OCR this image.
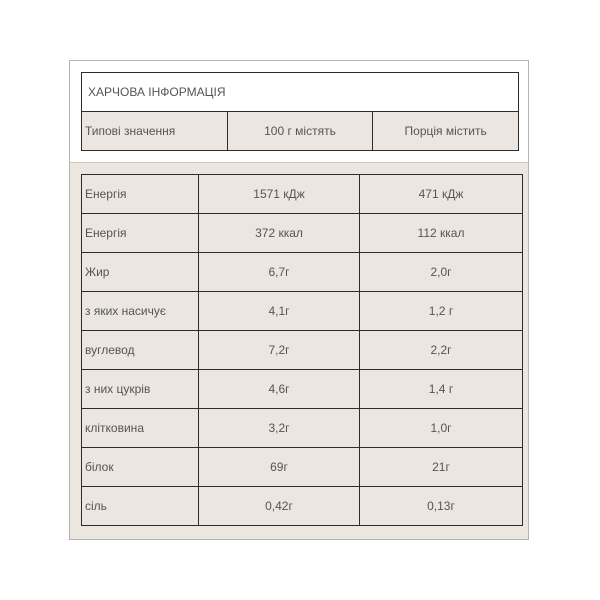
ХАРЧОВА ІНФОРМАЦІЯ
Типові значення	100 г містять	Порція містить
Енергія	1571 кДж	471 кДж
Енергія	372 ккал	112 ккал
Жир	6,7г	2,0г
з яких насичує	4,1г	1,2 г
вуглевод	7,2г	2,2г
з них цукрів	4,6г	1,4 г
клітковина	3,2г	1,0г
білок	69г	21г
сіль	0,42г	0,13г
